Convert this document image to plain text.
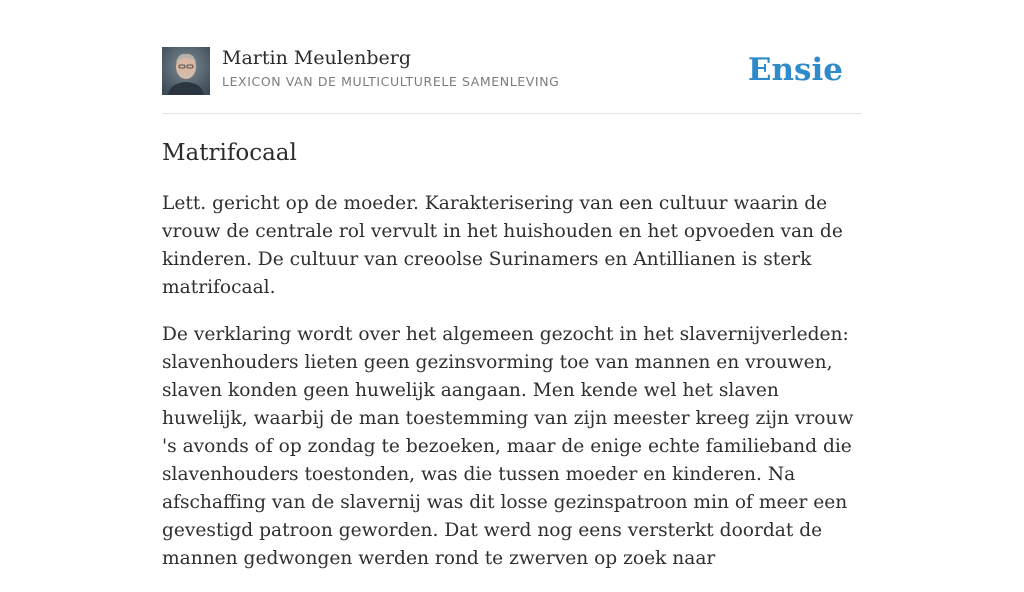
Martin Meulenberg
LEXICON VAN DE MULTICULTURELE SAMENLEVING	Ensie
Matrifocaal

Lett. gericht op de moeder. Karakterisering van een cultuur waarin de vrouw de centrale rol vervult in het huishouden en het opvoeden van de kinderen. De cultuur van creoolse Surinamers en Antillianen is sterk matrifocaal.

De verklaring wordt over het algemeen gezocht in het slavernijverleden: slavenhouders lieten geen gezinsvorming toe van mannen en vrouwen, slaven konden geen huwelijk aangaan. Men kende wel het slaven huwelijk, waarbij de man toestemming van zijn meester kreeg zijn vrouw 's avonds of op zondag te bezoeken, maar de enige echte familieband die slavenhouders toestonden, was die tussen moeder en kinderen. Na afschaffing van de slavernij was dit losse gezinspatroon min of meer een gevestigd patroon geworden. Dat werd nog eens versterkt doordat de mannen gedwongen werden rond te zwerven op zoek naar
